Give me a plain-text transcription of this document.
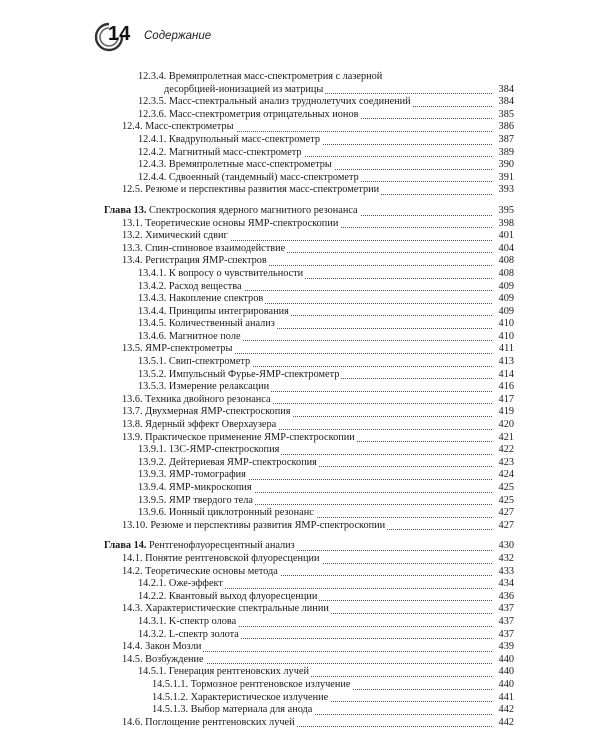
14 Содержание
12.3.4. Времяпролетная масс-спектрометрия с лазерной
десорбцией-ионизацией из матрицы	384
12.3.5. Масс-спектральный анализ труднолетучих соединений	384
12.3.6. Масс-спектрометрия отрицательных ионов	385
12.4. Масс-спектрометры	386
12.4.1. Квадрупольный масс-спектрометр	387
12.4.2. Магнитный масс-спектрометр	389
12.4.3. Времяпролетные масс-спектрометры	390
12.4.4. Сдвоенный (тандемный) масс-спектрометр	391
12.5. Резюме и перспективы развития масс-спектрометрии	393
Глава 13. Спектроскопия ядерного магнитного резонанса	395
13.1. Теоретические основы ЯМР-спектроскопии	398
13.2. Химический сдвиг	401
13.3. Спин-спиновое взаимодействие	404
13.4. Регистрация ЯМР-спектров	408
13.4.1. К вопросу о чувствительности	408
13.4.2. Расход вещества	409
13.4.3. Накопление спектров	409
13.4.4. Принципы интегрирования	409
13.4.5. Количественный анализ	410
13.4.6. Магнитное поле	410
13.5. ЯМР-спектрометры	411
13.5.1. Свип-спектрометр	413
13.5.2. Импульсный Фурье-ЯМР-спектрометр	414
13.5.3. Измерение релаксации	416
13.6. Техника двойного резонанса	417
13.7. Двухмерная ЯМР-спектроскопия	419
13.8. Ядерный эффект Оверхаузера	420
13.9. Практическое применение ЯМР-спектроскопии	421
13.9.1. 13С-ЯМР-спектроскопия	422
13.9.2. Дейтериевая ЯМР-спектроскопия	423
13.9.3. ЯМР-томография	424
13.9.4. ЯМР-микроскопия	425
13.9.5. ЯМР твердого тела	425
13.9.6. Ионный циклотронный резонанс	427
13.10. Резюме и перспективы развития ЯМР-спектроскопии	427
Глава 14. Рентгенофлуоресцентный анализ	430
14.1. Понятие рентгеновской флуоресценции	432
14.2. Теоретические основы метода	433
14.2.1. Оже-эффект	434
14.2.2. Квантовый выход флуоресценции	436
14.3. Характеристические спектральные линии	437
14.3.1. K-спектр олова	437
14.3.2. L-спектр золота	437
14.4. Закон Мозли	439
14.5. Возбуждение	440
14.5.1. Генерация рентгеновских лучей	440
14.5.1.1. Тормозное рентгеновское излучение	440
14.5.1.2. Характеристическое излучение	441
14.5.1.3. Выбор материала для анода	442
14.6. Поглощение рентгеновских лучей	442
